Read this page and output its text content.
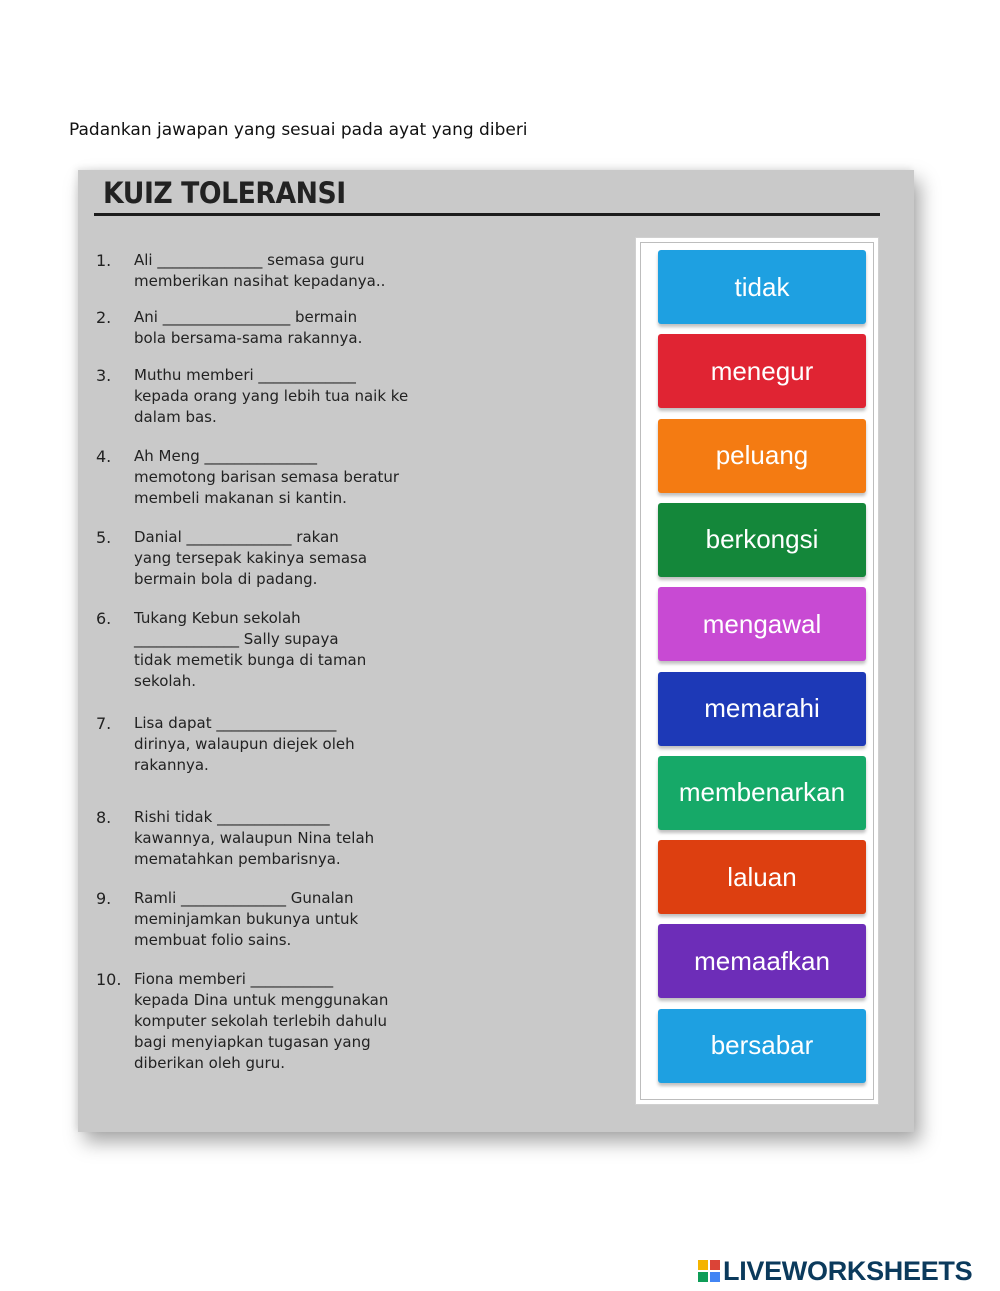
Padankan jawapan yang sesuai pada ayat yang diberi
KUIZ TOLERANSI
1. Ali ______________ semasa guru
memberikan nasihat kepadanya..
2. Ani _________________ bermain
bola bersama-sama rakannya.
3. Muthu memberi _____________
kepada orang yang lebih tua naik ke
dalam bas.
4. Ah Meng _______________
memotong barisan semasa beratur
membeli makanan si kantin.
5. Danial ______________ rakan
yang tersepak kakinya semasa
bermain bola di padang.
6. Tukang Kebun sekolah
______________ Sally supaya
tidak memetik bunga di taman
sekolah.
7. Lisa dapat ________________
dirinya, walaupun diejek oleh
rakannya.
8. Rishi tidak _______________
kawannya, walaupun Nina telah
mematahkan pembarisnya.
9. Ramli ______________ Gunalan
meminjamkan bukunya untuk
membuat folio sains.
10. Fiona memberi ___________
kepada Dina untuk menggunakan
komputer sekolah terlebih dahulu
bagi menyiapkan tugasan yang
diberikan oleh guru.
tidak
menegur
peluang
berkongsi
mengawal
memarahi
membenarkan
laluan
memaafkan
bersabar
LIVEWORKSHEETS
